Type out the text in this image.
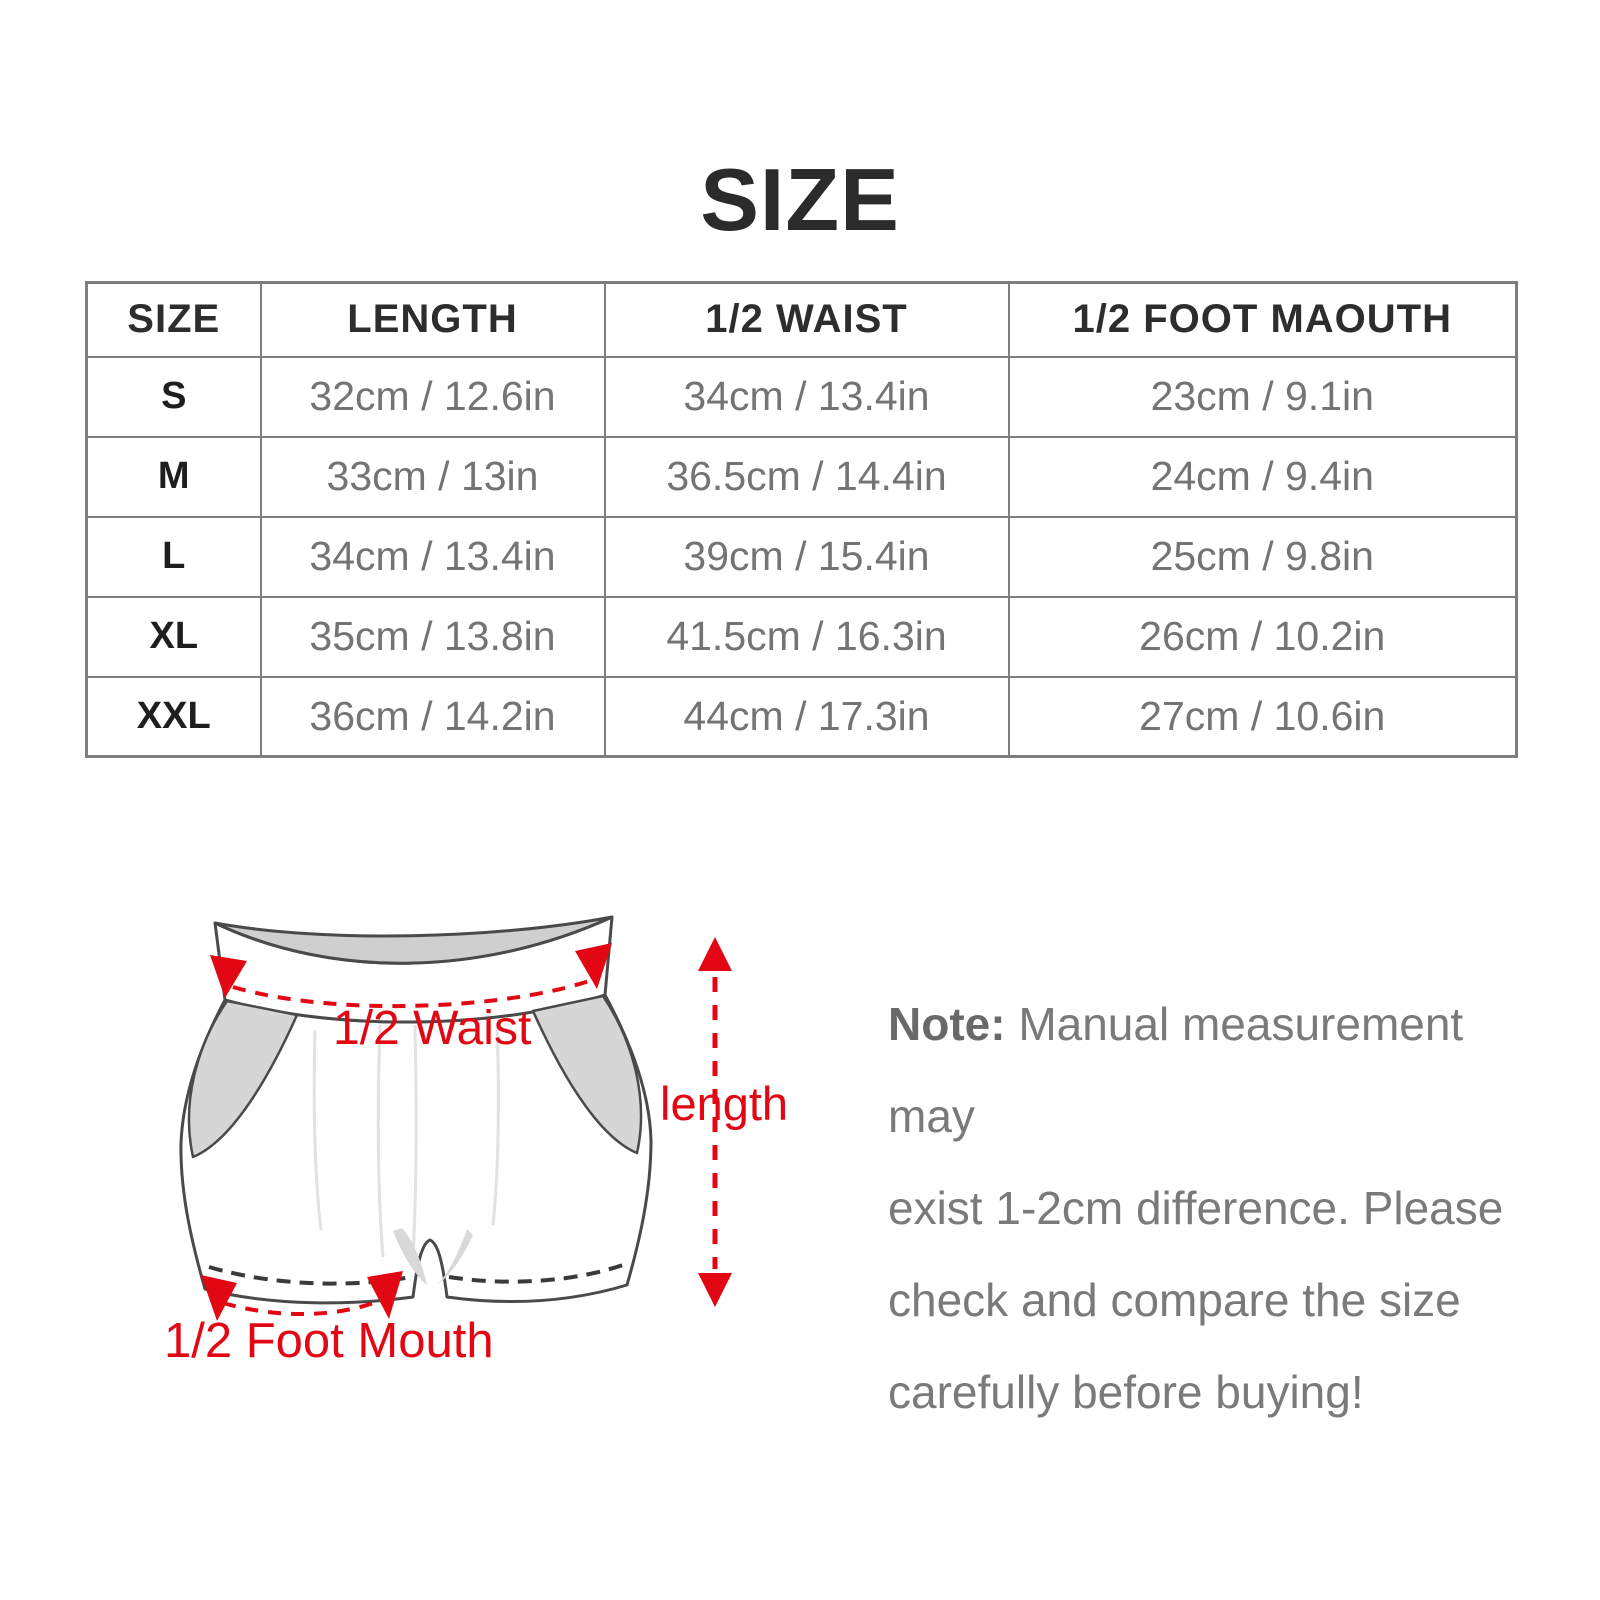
SIZE
SIZE	LENGTH	1/2 WAIST	1/2 FOOT MAOUTH
S	32cm / 12.6in	34cm / 13.4in	23cm / 9.1in
M	33cm / 13in	36.5cm / 14.4in	24cm / 9.4in
L	34cm / 13.4in	39cm / 15.4in	25cm / 9.8in
XL	35cm / 13.8in	41.5cm / 16.3in	26cm / 10.2in
XXL	36cm / 14.2in	44cm / 17.3in	27cm / 10.6in
1/2 Waist
length
1/2 Foot Mouth
Note: Manual measurement may
exist 1-2cm difference. Please
check and compare the size
carefully before buying!
